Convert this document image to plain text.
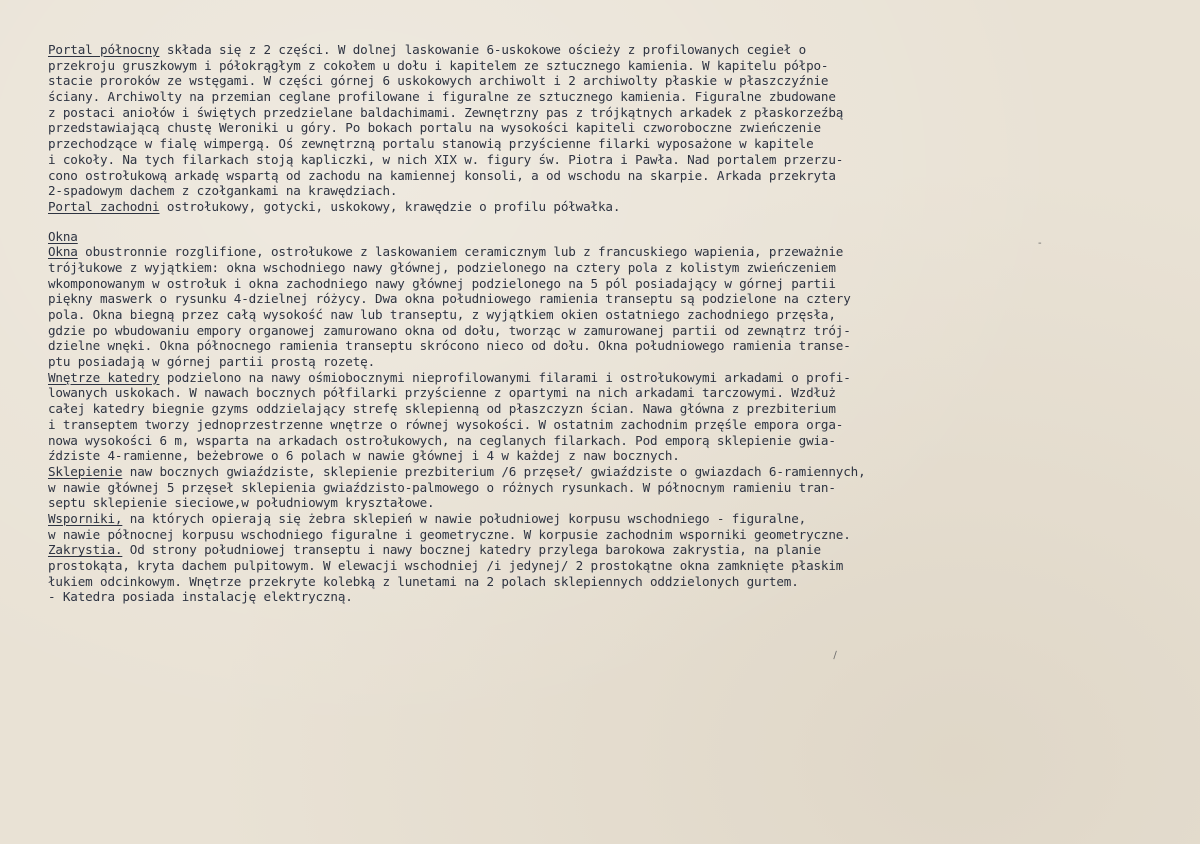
Portal północny składa się z 2 części. W dolnej laskowanie 6-uskokowe ościeży z profilowanych cegieł o
przekroju gruszkowym i półokrągłym z cokołem u dołu i kapitelem ze sztucznego kamienia. W kapitelu półpo-
stacie proroków ze wstęgami. W części górnej 6 uskokowych archiwolt i 2 archiwolty płaskie w płaszczyźnie
ściany. Archiwolty na przemian ceglane profilowane i figuralne ze sztucznego kamienia. Figuralne zbudowane
z postaci aniołów i świętych przedzielane baldachimami. Zewnętrzny pas z trójkątnych arkadek z płaskorzeźbą
przedstawiającą chustę Weroniki u góry. Po bokach portalu na wysokości kapiteli czworoboczne zwieńczenie
przechodzące w fialę wimpergą. Oś zewnętrzną portalu stanowią przyścienne filarki wyposażone w kapitele
i cokoły. Na tych filarkach stoją kapliczki, w nich XIX w. figury św. Piotra i Pawła. Nad portalem przerzu-
cono ostrołukową arkadę wspartą od zachodu na kamiennej konsoli, a od wschodu na skarpie. Arkada przekryta
2-spadowym dachem z czołgankami na krawędziach.
Portal zachodni ostrołukowy, gotycki, uskokowy, krawędzie o profilu półwałka.
Okna
Okna obustronnie rozglifione, ostrołukowe z laskowaniem ceramicznym lub z francuskiego wapienia, przeważnie
trójłukowe z wyjątkiem: okna wschodniego nawy głównej, podzielonego na cztery pola z kolistym zwieńczeniem
wkomponowanym w ostrołuk i okna zachodniego nawy głównej podzielonego na 5 pól posiadający w górnej partii
piękny maswerk o rysunku 4-dzielnej różycy. Dwa okna południowego ramienia transeptu są podzielone na cztery
pola. Okna biegną przez całą wysokość naw lub transeptu, z wyjątkiem okien ostatniego zachodniego przęsła,
gdzie po wbudowaniu empory organowej zamurowano okna od dołu, tworząc w zamurowanej partii od zewnątrz trój-
dzielne wnęki. Okna północnego ramienia transeptu skrócono nieco od dołu. Okna południowego ramienia transe-
ptu posiadają w górnej partii prostą rozetę.
Wnętrze katedry podzielono na nawy ośmiobocznymi nieprofilowanymi filarami i ostrołukowymi arkadami o profi-
lowanych uskokach. W nawach bocznych półfilarki przyścienne z opartymi na nich arkadami tarczowymi. Wzdłuż
całej katedry biegnie gzyms oddzielający strefę sklepienną od płaszczyzn ścian. Nawa główna z prezbiterium
i transeptem tworzy jednoprzestrzenne wnętrze o równej wysokości. W ostatnim zachodnim przęśle empora orga-
nowa wysokości 6 m, wsparta na arkadach ostrołukowych, na ceglanych filarkach. Pod emporą sklepienie gwia-
ździste 4-ramienne, beżebrowe o 6 polach w nawie głównej i 4 w każdej z naw bocznych.
Sklepienie naw bocznych gwiaździste, sklepienie prezbiterium /6 przęseł/ gwiaździste o gwiazdach 6-ramiennych,
w nawie głównej 5 przęseł sklepienia gwiaździsto-palmowego o różnych rysunkach. W północnym ramieniu tran-
septu sklepienie sieciowe,w południowym kryształowe.
Wsporniki, na których opierają się żebra sklepień w nawie południowej korpusu wschodniego - figuralne,
w nawie północnej korpusu wschodniego figuralne i geometryczne. W korpusie zachodnim wsporniki geometryczne.
Zakrystia. Od strony południowej transeptu i nawy bocznej katedry przylega barokowa zakrystia, na planie
prostokąta, kryta dachem pulpitowym. W elewacji wschodniej /i jedynej/ 2 prostokątne okna zamknięte płaskim
łukiem odcinkowym. Wnętrze przekryte kolebką z lunetami na 2 polach sklepiennych oddzielonych gurtem.
- Katedra posiada instalację elektryczną.
-
\
